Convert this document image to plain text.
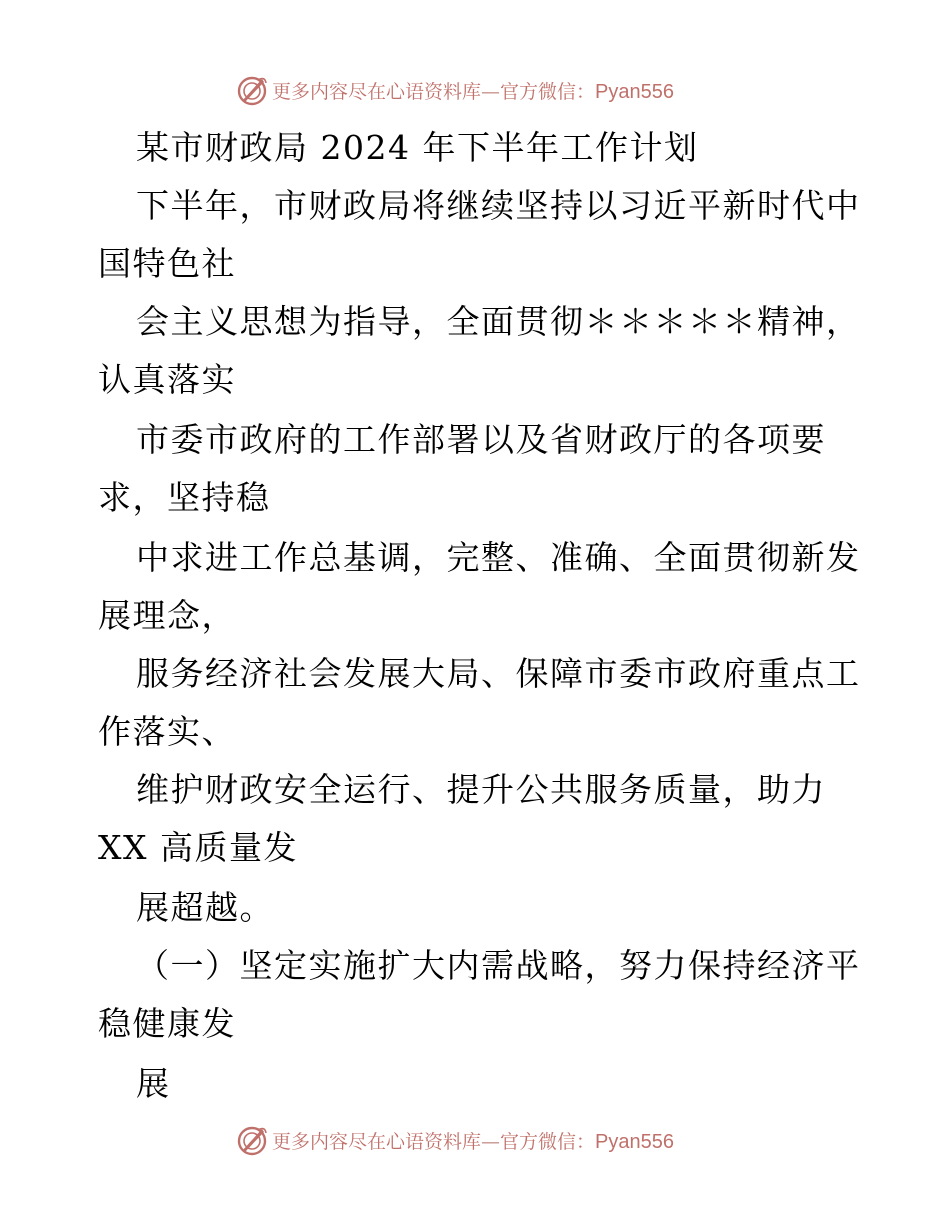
更多内容尽在心语资料库—官方微信：Pyan556
某市财政局 2024 年下半年工作计划
下半年，市财政局将继续坚持以习近平新时代中
国特色社
会主义思想为指导，全面贯彻＊＊＊＊＊精神，
认真落实
市委市政府的工作部署以及省财政厅的各项要
求，坚持稳
中求进工作总基调，完整、准确、全面贯彻新发
展理念，
服务经济社会发展大局、保障市委市政府重点工
作落实、
维护财政安全运行、提升公共服务质量，助力
XX 高质量发
展超越。
（一）坚定实施扩大内需战略，努力保持经济平
稳健康发
展
更多内容尽在心语资料库—官方微信：Pyan556
